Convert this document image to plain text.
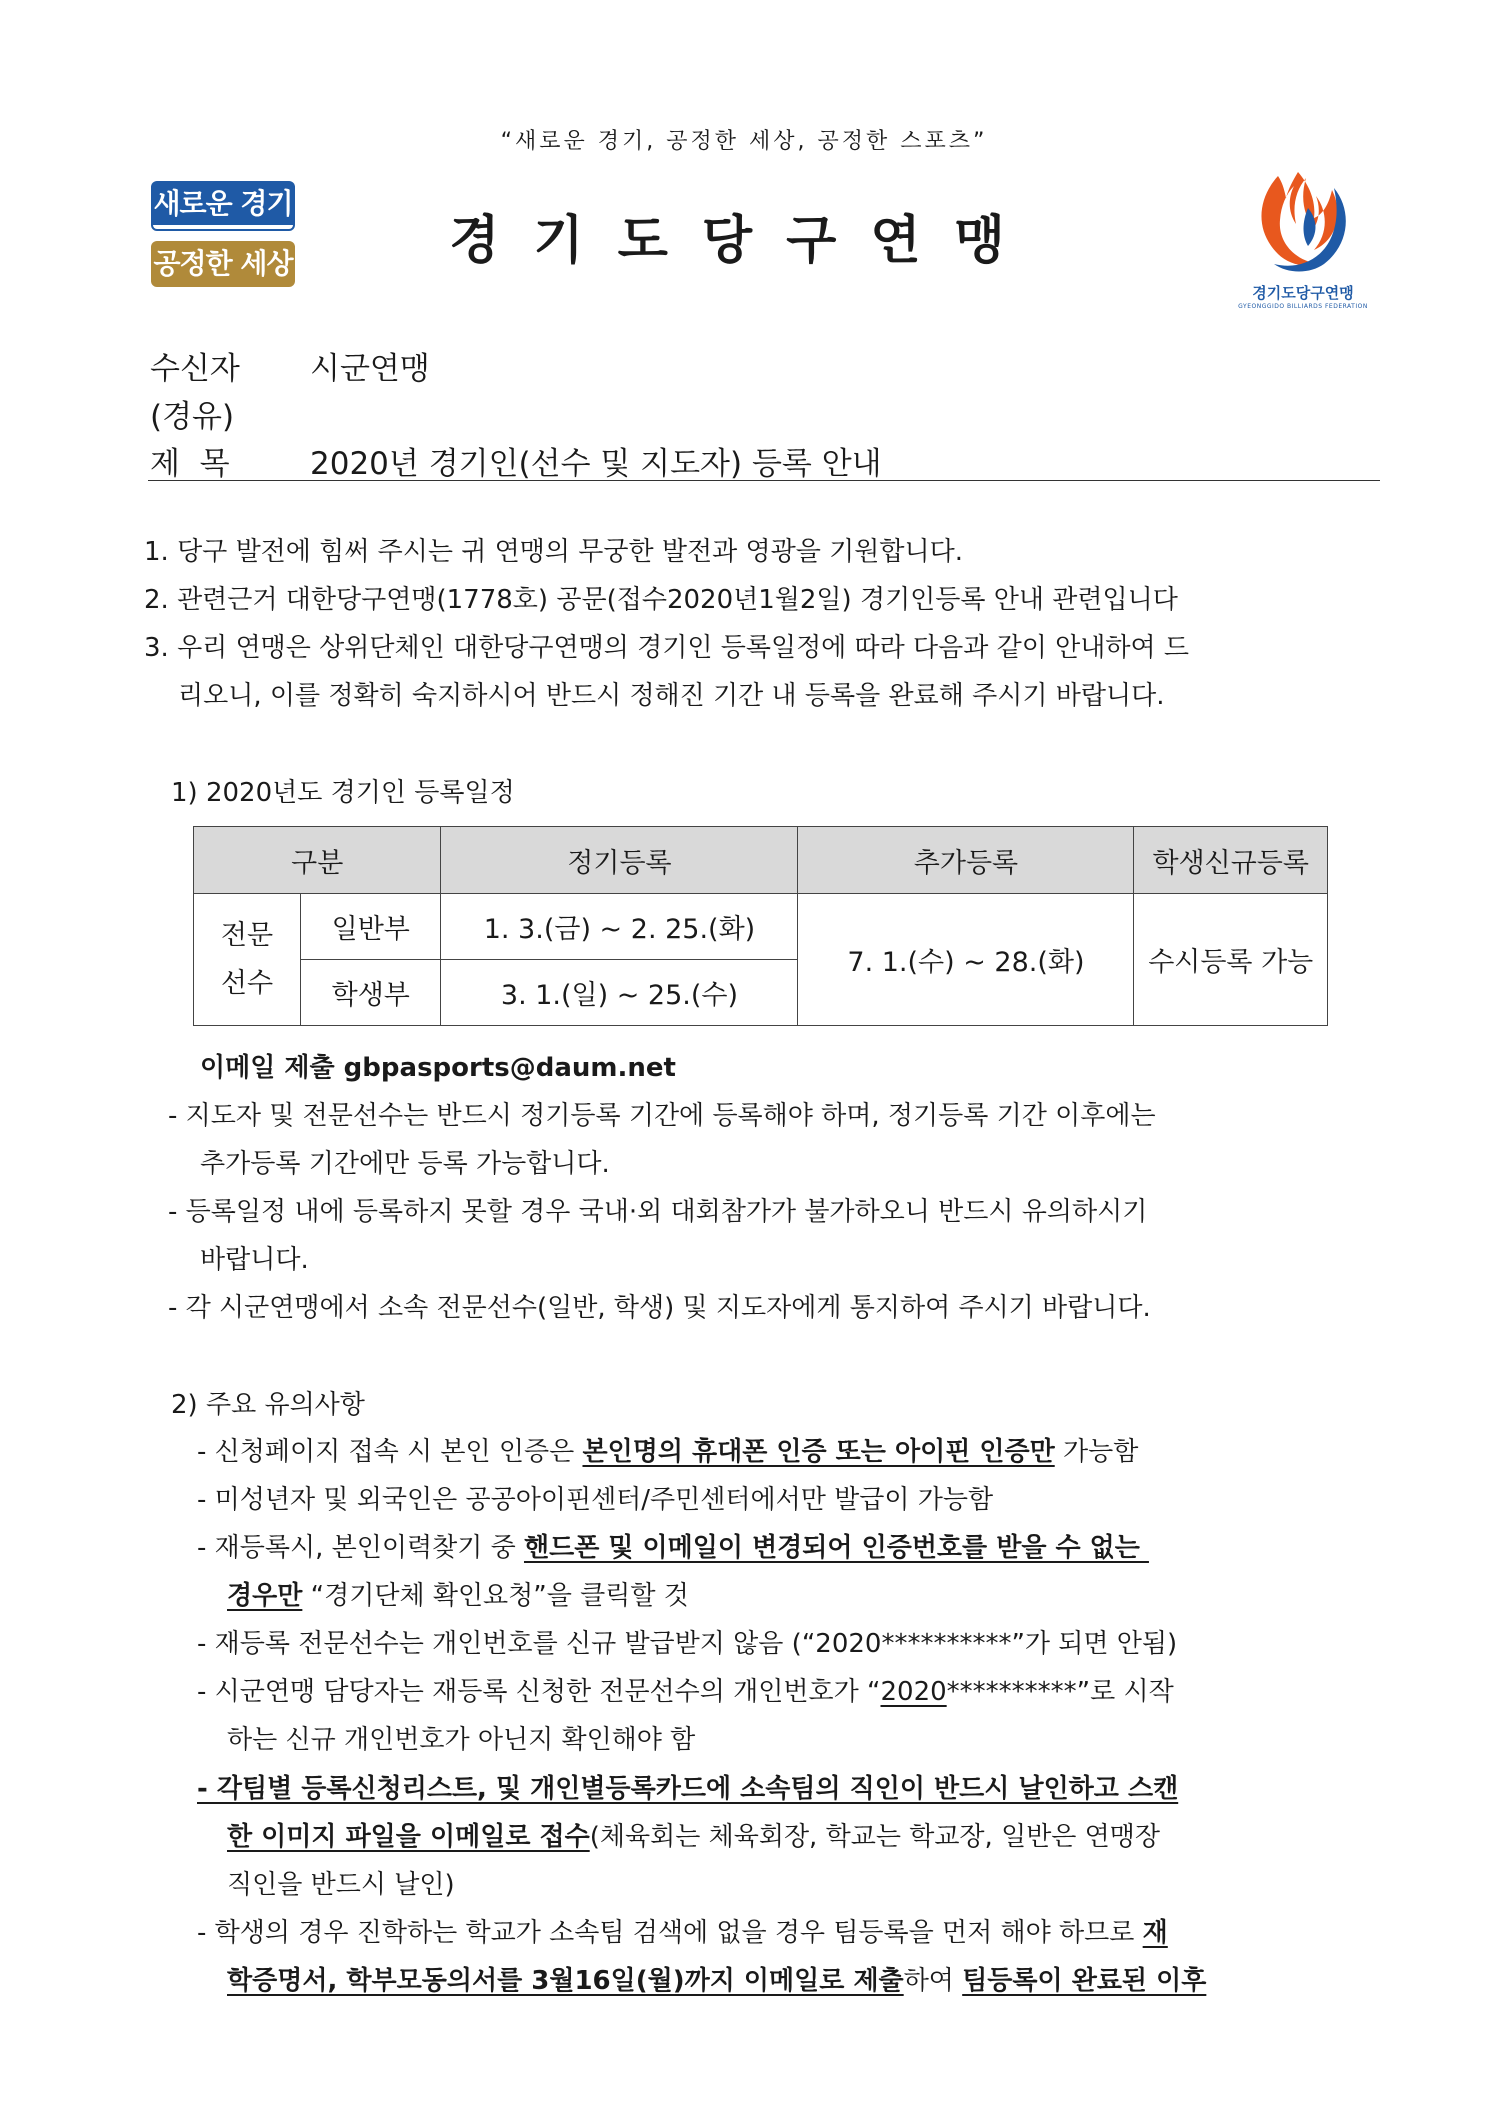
“새로운 경기, 공정한 세상, 공정한 스포츠”
새로운 경기
공정한 세상	경기도당구연맹
경기도당구연맹
GYEONGGIDO BILLIARDS FEDERATION
수신자 시군연맹
(경유)
제  목	2020년 경기인(선수 및 지도자) 등록 안내
1. 당구 발전에 힘써 주시는 귀 연맹의 무궁한 발전과 영광을 기원합니다.
2. 관련근거 대한당구연맹(1778호) 공문(접수2020년1월2일) 경기인등록 안내 관련입니다
3. 우리 연맹은 상위단체인 대한당구연맹의 경기인 등록일정에 따라 다음과 같이 안내하여 드
리오니, 이를 정확히 숙지하시어 반드시 정해진 기간 내 등록을 완료해 주시기 바랍니다.
1) 2020년도 경기인 등록일정
구분		정기등록	추가등록	학생신규등록

전문
선수	일반부	1. 3.(금) ~ 2. 25.(화)	7. 1.(수) ~ 28.(화)	수시등록 가능
	학생부	3. 1.(일) ~ 25.(수)		
이메일 제출 gbpasports@daum.net
- 지도자 및 전문선수는 반드시 정기등록 기간에 등록해야 하며, 정기등록 기간 이후에는
추가등록 기간에만 등록 가능합니다.
- 등록일정 내에 등록하지 못할 경우 국내·외 대회참가가 불가하오니 반드시 유의하시기
바랍니다.
- 각 시군연맹에서 소속 전문선수(일반, 학생) 및 지도자에게 통지하여 주시기 바랍니다.
2) 주요 유의사항
- 신청페이지 접속 시 본인 인증은 본인명의 휴대폰 인증 또는 아이핀 인증만 가능함
- 미성년자 및 외국인은 공공아이핀센터/주민센터에서만 발급이 가능함
- 재등록시, 본인이력찾기 중 핸드폰 및 이메일이 변경되어 인증번호를 받을 수 없는
경우만 “경기단체 확인요청”을 클릭할 것
- 재등록 전문선수는 개인번호를 신규 발급받지 않음 (“2020**********”가 되면 안됨)
- 시군연맹 담당자는 재등록 신청한 전문선수의 개인번호가 “2020**********”로 시작
하는 신규 개인번호가 아닌지 확인해야 함
- 각팀별 등록신청리스트, 및 개인별등록카드에 소속팀의 직인이 반드시 날인하고 스캔
한 이미지 파일을 이메일로 접수(체육회는 체육회장, 학교는 학교장, 일반은 연맹장
직인을 반드시 날인)
- 학생의 경우 진학하는 학교가 소속팀 검색에 없을 경우 팀등록을 먼저 해야 하므로 재
학증명서, 학부모동의서를 3월16일(월)까지 이메일로 제출하여 팀등록이 완료된 이후
